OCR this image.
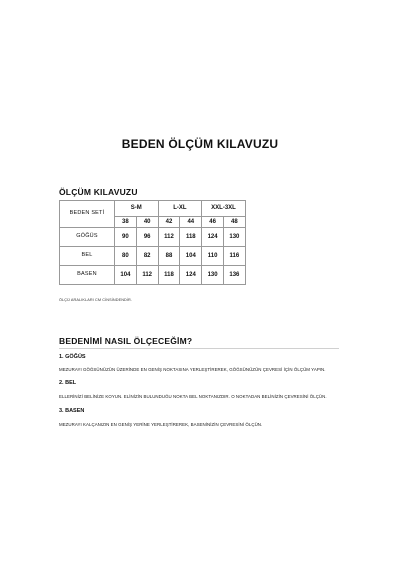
BEDEN ÖLÇÜM KILAVUZU
ÖLÇÜM KILAVUZU
BEDEN SETİ	S-M		L-XL		XXL-3XL	
	38	40	42	44	46	48
GÖĞÜS	90	96	112	118	124	130
BEL	80	82	88	104	110	116
BASEN	104	112	118	124	130	136
ÖLÇÜ ARALIKLARI CM CİNSİNDENDİR.
BEDENİMİ NASIL ÖLÇECEĞİM?
1. GÖĞÜS
MEZURAYI GÖĞSÜNÜZÜN ÜZERİNDE EN GENİŞ NOKTASINA YERLEŞTİREREK, GÖĞSÜNÜZÜN ÇEVRESİ İÇİN ÖLÇÜM YAPIN.
2. BEL
ELLERİNİZİ BELİNİZE KOYUN. ELİNİZİN BULUNDUĞU NOKTA BEL NOKTANIZDIR. O NOKTADAN BELİNİZİN ÇEVRESİNİ ÖLÇÜN.
3. BASEN
MEZURAYI KALÇANIZIN EN GENİŞ YERİNE YERLEŞTİREREK, BASENİNİZİN ÇEVRESİNİ ÖLÇÜN.
